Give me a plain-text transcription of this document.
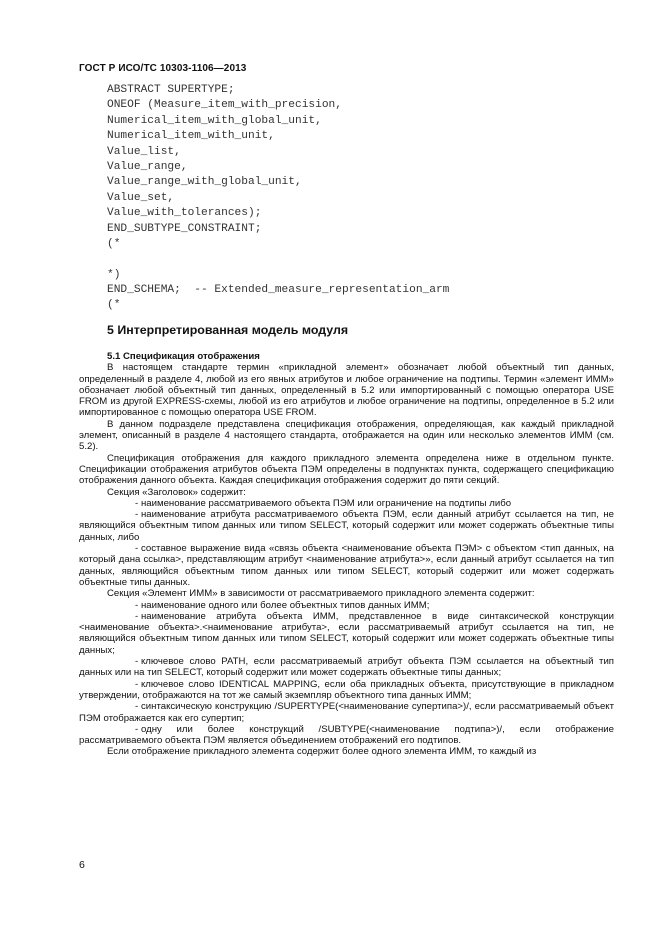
ГОСТ Р ИСО/ТС 10303-1106—2013
ABSTRACT SUPERTYPE;
ONEOF (Measure_item_with_precision,
Numerical_item_with_global_unit,
Numerical_item_with_unit,
Value_list,
Value_range,
Value_range_with_global_unit,
Value_set,
Value_with_tolerances);
END_SUBTYPE_CONSTRAINT;
(*
*)
END_SCHEMA;  -- Extended_measure_representation_arm
(*
5 Интерпретированная модель модуля

5.1 Спецификация отображения

В настоящем стандарте термин «прикладной элемент» обозначает любой объектный тип данных, определенный в разделе 4, любой из его явных атрибутов и любое ограничение на подтипы. Термин «элемент ИММ» обозначает любой объектный тип данных, определенный в 5.2 или импортированный с помощью оператора USE FROM из другой EXPRESS-схемы, любой из его атрибутов и любое ограничение на подтипы, определенное в 5.2 или импортированное с помощью оператора USE FROM.

В данном подразделе представлена спецификация отображения, определяющая, как каждый прикладной элемент, описанный в разделе 4 настоящего стандарта, отображается на один или несколько элементов ИММ (см. 5.2).

Спецификация отображения для каждого прикладного элемента определена ниже в отдельном пункте. Спецификации отображения атрибутов объекта ПЭМ определены в подпунктах пункта, содержащего спецификацию отображения данного объекта. Каждая спецификация отображения содержит до пяти секций.

Секция «Заголовок» содержит:

- наименование рассматриваемого объекта ПЭМ или ограничение на подтипы либо

- наименование атрибута рассматриваемого объекта ПЭМ, если данный атрибут ссылается на тип, не являющийся объектным типом данных или типом SELECT, который содержит или может содержать объектные типы данных, либо

- составное выражение вида «связь объекта <наименование объекта ПЭМ> с объектом <тип данных, на который дана ссылка>, представляющим атрибут <наименование атрибута>», если данный атрибут ссылается на тип данных, являющийся объектным типом данных или типом SELECT, который содержит или может содержать объектные типы данных.

Секция «Элемент ИММ» в зависимости от рассматриваемого прикладного элемента содержит:

- наименование одного или более объектных типов данных ИММ;

- наименование атрибута объекта ИММ, представленное в виде синтаксической конструкции <наименование объекта>.<наименование атрибута>, если рассматриваемый атрибут ссылается на тип, не являющийся объектным типом данных или типом SELECT, который содержит или может содержать объектные типы данных;

- ключевое слово PATH, если рассматриваемый атрибут объекта ПЭМ ссылается на объектный тип данных или на тип SELECT, который содержит или может содержать объектные типы данных;

- ключевое слово IDENTICAL MAPPING, если оба прикладных объекта, присутствующие в прикладном утверждении, отображаются на тот же самый экземпляр объектного типа данных ИММ;

- синтаксическую конструкцию /SUPERTYPE(<наименование супертипа>)/, если рассматриваемый объект ПЭМ отображается как его супертип;

- одну или более конструкций /SUBTYPE(<наименование подтипа>)/, если отображение рассматриваемого объекта ПЭМ является объединением отображений его подтипов.

Если отображение прикладного элемента содержит более одного элемента ИММ, то каждый из

6
